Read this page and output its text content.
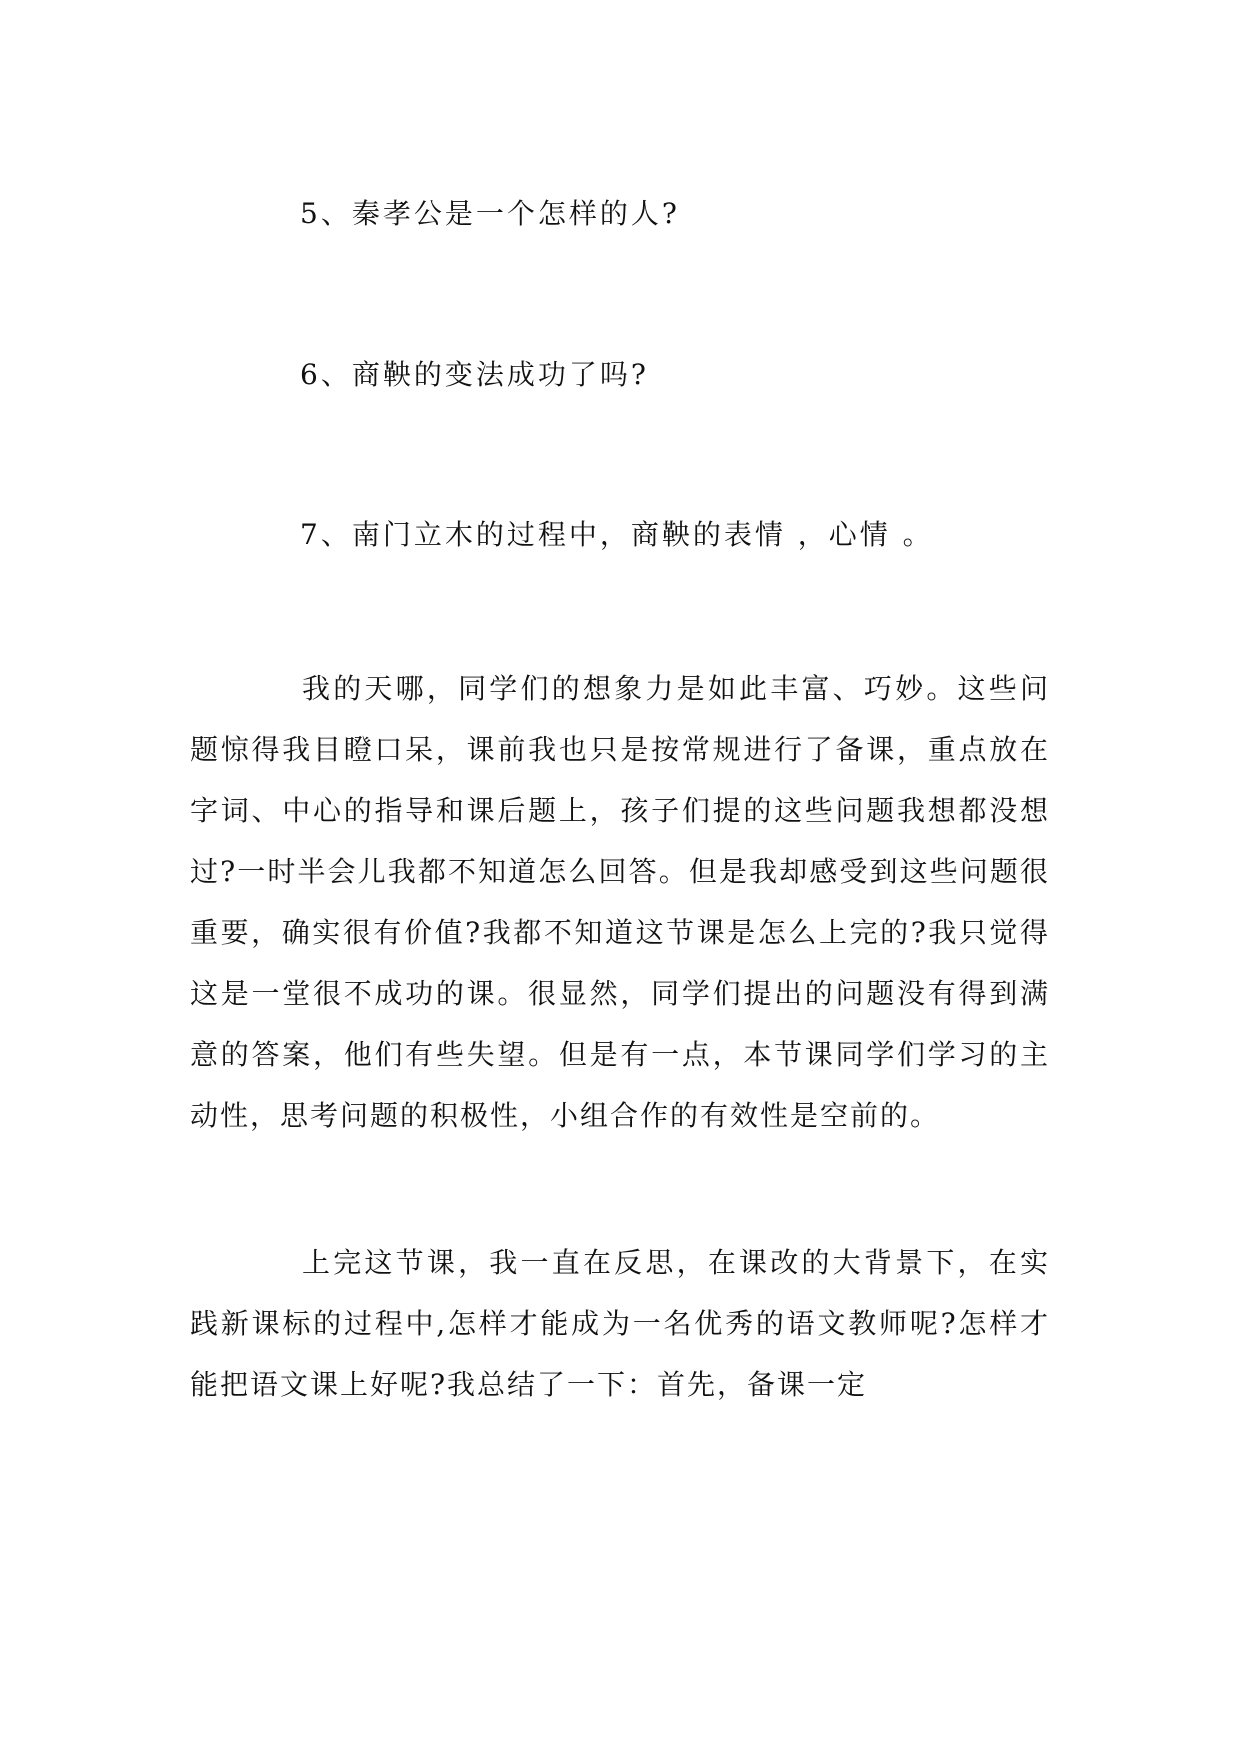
5、秦孝公是一个怎样的人?
6、商鞅的变法成功了吗?
7、南门立木的过程中，商鞅的表情 ，心情 。

我的天哪，同学们的想象力是如此丰富、巧妙。这些问题惊得我目瞪口呆，课前我也只是按常规进行了备课，重点放在字词、中心的指导和课后题上，孩子们提的这些问题我想都没想过?一时半会儿我都不知道怎么回答。但是我却感受到这些问题很重要，确实很有价值?我都不知道这节课是怎么上完的?我只觉得这是一堂很不成功的课。很显然，同学们提出的问题没有得到满意的答案，他们有些失望。但是有一点，本节课同学们学习的主动性，思考问题的积极性，小组合作的有效性是空前的。

上完这节课，我一直在反思，在课改的大背景下，在实践新课标的过程中,怎样才能成为一名优秀的语文教师呢?怎样才能把语文课上好呢?我总结了一下：首先，备课一定
